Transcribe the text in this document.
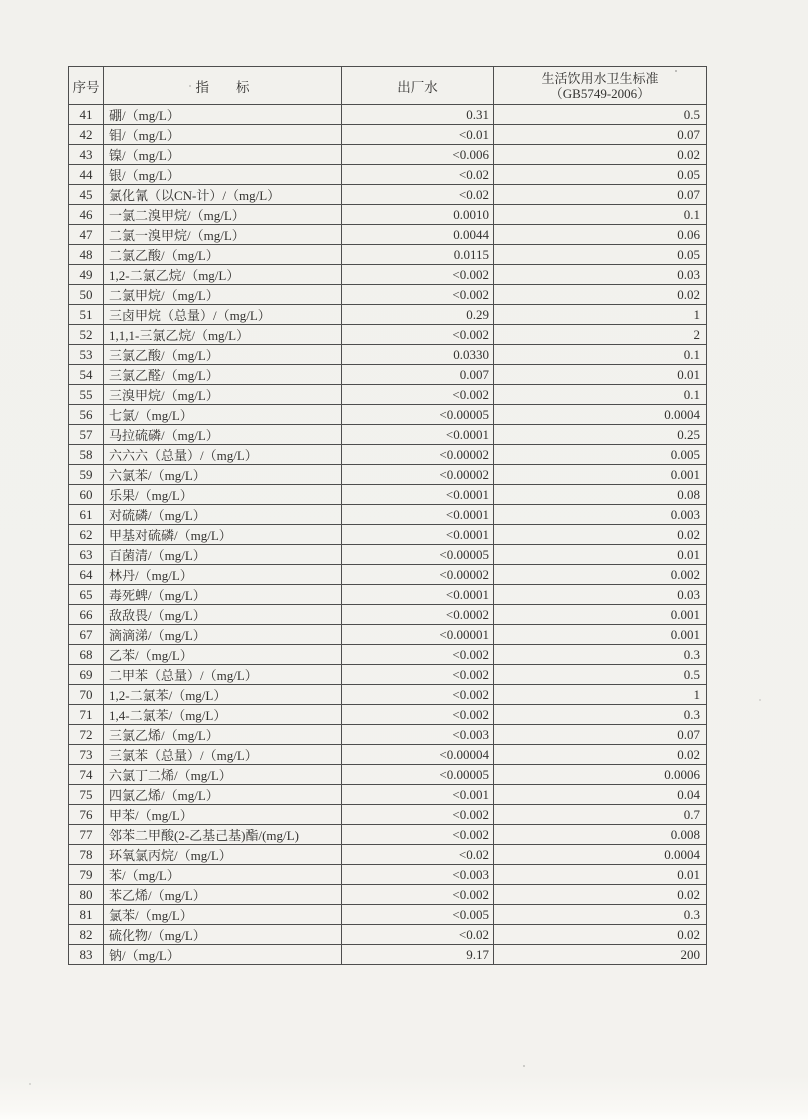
序号	指　　标	出厂水	生活饮用水卫生标准
（GB5749-2006）

41	硼/（mg/L）	0.31	0.5
42	钼/（mg/L）	<0.01	0.07
43	镍/（mg/L）	<0.006	0.02
44	银/（mg/L）	<0.02	0.05
45	氯化氰（以CN-计）/（mg/L）	<0.02	0.07
46	一氯二溴甲烷/（mg/L）	0.0010	0.1
47	二氯一溴甲烷/（mg/L）	0.0044	0.06
48	二氯乙酸/（mg/L）	0.0115	0.05
49	1,2-二氯乙烷/（mg/L）	<0.002	0.03
50	二氯甲烷/（mg/L）	<0.002	0.02
51	三卤甲烷（总量）/（mg/L）	0.29	1
52	1,1,1-三氯乙烷/（mg/L）	<0.002	2
53	三氯乙酸/（mg/L）	0.0330	0.1
54	三氯乙醛/（mg/L）	0.007	0.01
55	三溴甲烷/（mg/L）	<0.002	0.1
56	七氯/（mg/L）	<0.00005	0.0004
57	马拉硫磷/（mg/L）	<0.0001	0.25
58	六六六（总量）/（mg/L）	<0.00002	0.005
59	六氯苯/（mg/L）	<0.00002	0.001
60	乐果/（mg/L）	<0.0001	0.08
61	对硫磷/（mg/L）	<0.0001	0.003
62	甲基对硫磷/（mg/L）	<0.0001	0.02
63	百菌清/（mg/L）	<0.00005	0.01
64	林丹/（mg/L）	<0.00002	0.002
65	毒死蜱/（mg/L）	<0.0001	0.03
66	敌敌畏/（mg/L）	<0.0002	0.001
67	滴滴涕/（mg/L）	<0.00001	0.001
68	乙苯/（mg/L）	<0.002	0.3
69	二甲苯（总量）/（mg/L）	<0.002	0.5
70	1,2-二氯苯/（mg/L）	<0.002	1
71	1,4-二氯苯/（mg/L）	<0.002	0.3
72	三氯乙烯/（mg/L）	<0.003	0.07
73	三氯苯（总量）/（mg/L）	<0.00004	0.02
74	六氯丁二烯/（mg/L）	<0.00005	0.0006
75	四氯乙烯/（mg/L）	<0.001	0.04
76	甲苯/（mg/L）	<0.002	0.7
77	邻苯二甲酸(2-乙基己基)酯/(mg/L)	<0.002	0.008
78	环氧氯丙烷/（mg/L）	<0.02	0.0004
79	苯/（mg/L）	<0.003	0.01
80	苯乙烯/（mg/L）	<0.002	0.02
81	氯苯/（mg/L）	<0.005	0.3
82	硫化物/（mg/L）	<0.02	0.02
83	钠/（mg/L）	9.17	200
